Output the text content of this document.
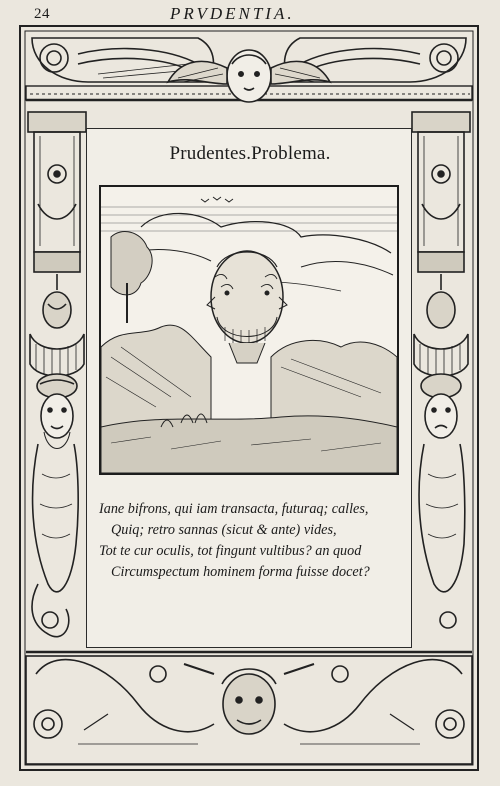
24	PRVDENTIA.
Prudentes.Problema.
Iane bifrons, qui iam transacta, futuraq; calles,
Quiq; retro sannas (sicut & ante) vides,
Tot te cur oculis, tot fingunt vultibus? an quod
Circumspectum hominem forma fuisse docet?
